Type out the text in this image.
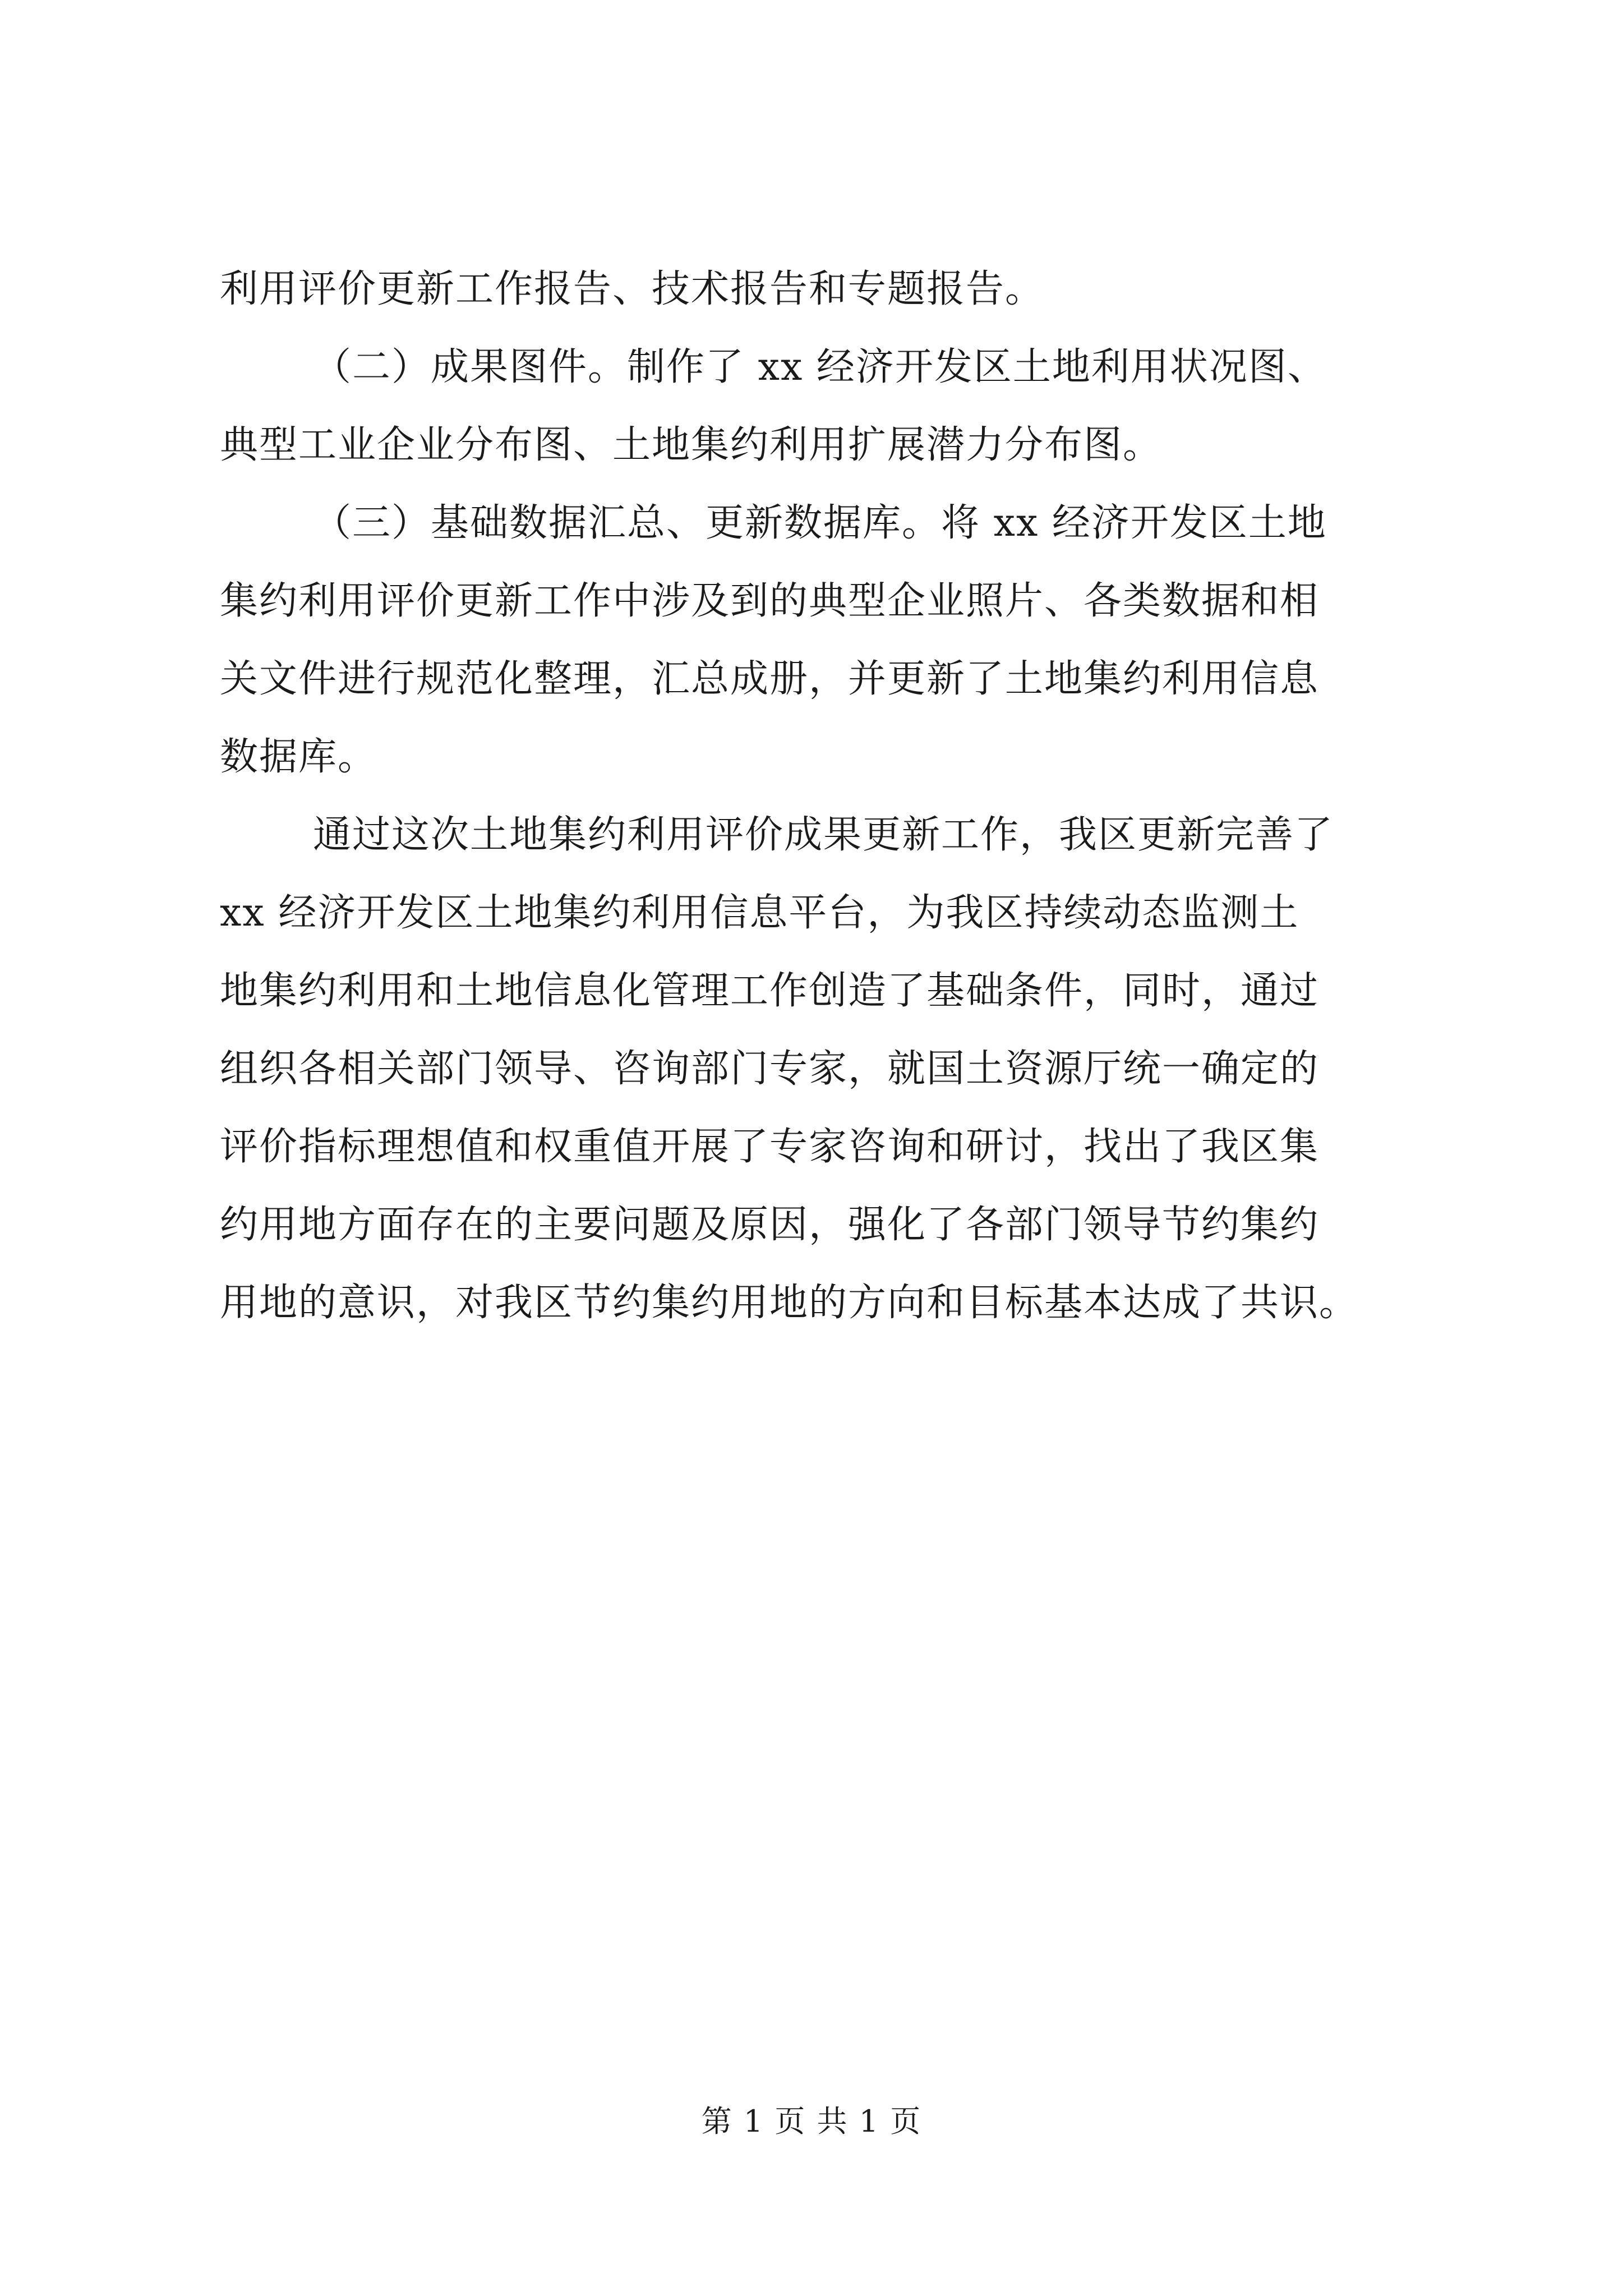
利用评价更新工作报告、技术报告和专题报告。
（二）成果图件。制作了 xx 经济开发区土地利用状况图、
典型工业企业分布图、土地集约利用扩展潜力分布图。
（三）基础数据汇总、更新数据库。将 xx 经济开发区土地
集约利用评价更新工作中涉及到的典型企业照片、各类数据和相
关文件进行规范化整理，汇总成册，并更新了土地集约利用信息
数据库。
通过这次土地集约利用评价成果更新工作，我区更新完善了
xx 经济开发区土地集约利用信息平台，为我区持续动态监测土
地集约利用和土地信息化管理工作创造了基础条件，同时，通过
组织各相关部门领导、咨询部门专家，就国土资源厅统一确定的
评价指标理想值和权重值开展了专家咨询和研讨，找出了我区集
约用地方面存在的主要问题及原因，强化了各部门领导节约集约
用地的意识，对我区节约集约用地的方向和目标基本达成了共识。
第 1 页 共 1 页
